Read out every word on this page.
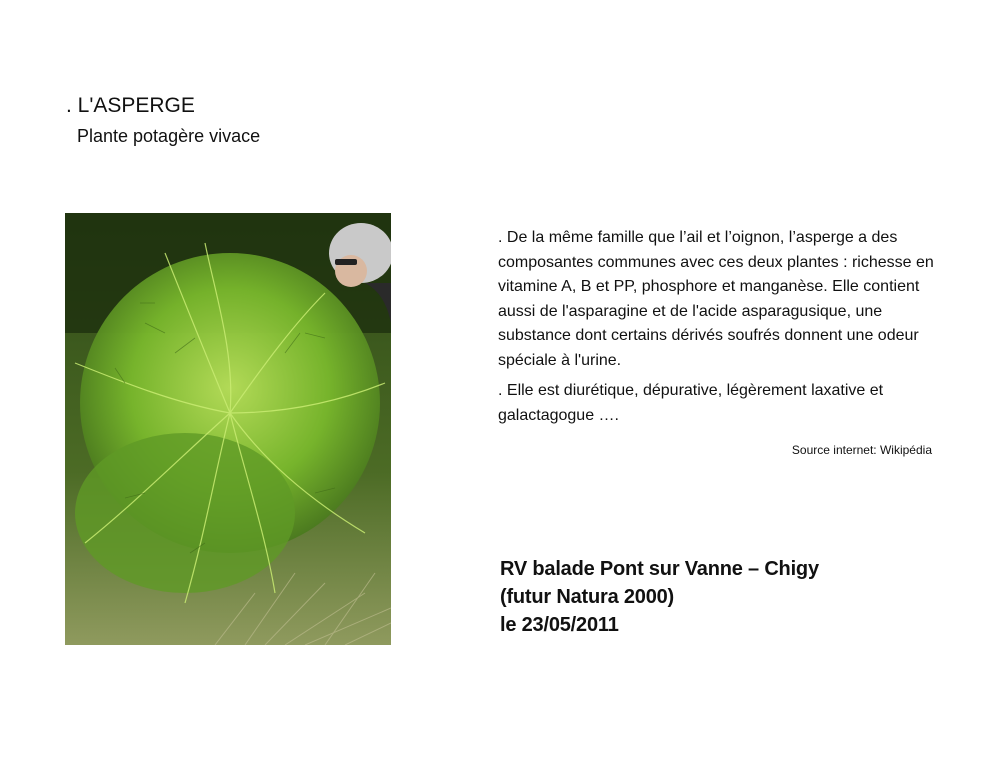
. L'ASPERGE
Plante potagère vivace

. De la même famille que l’ail et l’oignon, l’asperge a des composantes communes avec ces deux plantes : richesse en vitamine A, B et PP, phosphore et manganèse. Elle contient aussi de l'asparagine et de l'acide asparagusique, une substance dont certains dérivés soufrés donnent une odeur spéciale à l'urine.

. Elle est diurétique, dépurative, légèrement laxative et galactagogue ….

Source internet: Wikipédia
RV balade Pont sur Vanne – Chigy
(futur Natura 2000)
le 23/05/2011
